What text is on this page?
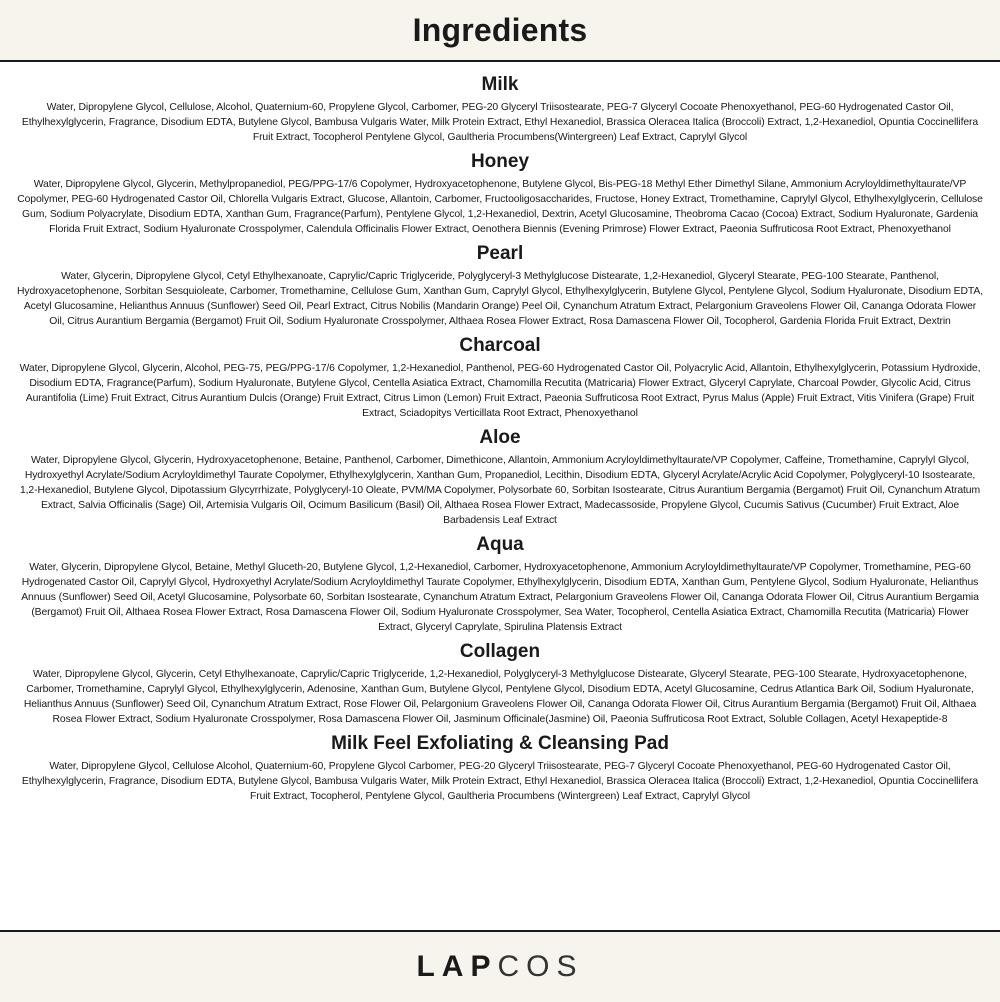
Ingredients
Milk

Water, Dipropylene Glycol, Cellulose, Alcohol, Quaternium-60, Propylene Glycol, Carbomer, PEG-20 Glyceryl Triisostearate, PEG-7 Glyceryl Cocoate Phenoxyethanol, PEG-60 Hydrogenated Castor Oil, Ethylhexylglycerin, Fragrance, Disodium EDTA, Butylene Glycol, Bambusa Vulgaris Water, Milk Protein Extract, Ethyl Hexanediol, Brassica Oleracea Italica (Broccoli) Extract, 1,2-Hexanediol, Opuntia Coccinellifera Fruit Extract, Tocopherol Pentylene Glycol, Gaultheria Procumbens(Wintergreen) Leaf Extract, Caprylyl Glycol

Honey

Water, Dipropylene Glycol, Glycerin, Methylpropanediol, PEG/PPG-17/6 Copolymer, Hydroxyacetophenone, Butylene Glycol, Bis-PEG-18 Methyl Ether Dimethyl Silane, Ammonium Acryloyldimethyltaurate/VP Copolymer, PEG-60 Hydrogenated Castor Oil, Chlorella Vulgaris Extract, Glucose, Allantoin, Carbomer, Fructooligosaccharides, Fructose, Honey Extract, Tromethamine, Caprylyl Glycol, Ethylhexylglycerin, Cellulose Gum, Sodium Polyacrylate, Disodium EDTA, Xanthan Gum, Fragrance(Parfum), Pentylene Glycol, 1,2-Hexanediol, Dextrin, Acetyl Glucosamine, Theobroma Cacao (Cocoa) Extract, Sodium Hyaluronate, Gardenia Florida Fruit Extract, Sodium Hyaluronate Crosspolymer, Calendula Officinalis Flower Extract, Oenothera Biennis (Evening Primrose) Flower Extract, Paeonia Suffruticosa Root Extract, Phenoxyethanol

Pearl

Water, Glycerin, Dipropylene Glycol, Cetyl Ethylhexanoate, Caprylic/Capric Triglyceride, Polyglyceryl-3 Methylglucose Distearate, 1,2-Hexanediol, Glyceryl Stearate, PEG-100 Stearate, Panthenol, Hydroxyacetophenone, Sorbitan Sesquioleate, Carbomer, Tromethamine, Cellulose Gum, Xanthan Gum, Caprylyl Glycol, Ethylhexylglycerin, Butylene Glycol, Pentylene Glycol, Sodium Hyaluronate, Disodium EDTA, Acetyl Glucosamine, Helianthus Annuus (Sunflower) Seed Oil, Pearl Extract, Citrus Nobilis (Mandarin Orange) Peel Oil, Cynanchum Atratum Extract, Pelargonium Graveolens Flower Oil, Cananga Odorata Flower Oil, Citrus Aurantium Bergamia (Bergamot) Fruit Oil, Sodium Hyaluronate Crosspolymer, Althaea Rosea Flower Extract, Rosa Damascena Flower Oil, Tocopherol, Gardenia Florida Fruit Extract, Dextrin

Charcoal

Water, Dipropylene Glycol, Glycerin, Alcohol, PEG-75, PEG/PPG-17/6 Copolymer, 1,2-Hexanediol, Panthenol, PEG-60 Hydrogenated Castor Oil, Polyacrylic Acid, Allantoin, Ethylhexylglycerin, Potassium Hydroxide, Disodium EDTA, Fragrance(Parfum), Sodium Hyaluronate, Butylene Glycol, Centella Asiatica Extract, Chamomilla Recutita (Matricaria) Flower Extract, Glyceryl Caprylate, Charcoal Powder, Glycolic Acid, Citrus Aurantifolia (Lime) Fruit Extract, Citrus Aurantium Dulcis (Orange) Fruit Extract, Citrus Limon (Lemon) Fruit Extract, Paeonia Suffruticosa Root Extract, Pyrus Malus (Apple) Fruit Extract, Vitis Vinifera (Grape) Fruit Extract, Sciadopitys Verticillata Root Extract, Phenoxyethanol

Aloe

Water, Dipropylene Glycol, Glycerin, Hydroxyacetophenone, Betaine, Panthenol, Carbomer, Dimethicone, Allantoin, Ammonium Acryloyldimethyltaurate/VP Copolymer, Caffeine, Tromethamine, Caprylyl Glycol, Hydroxyethyl Acrylate/Sodium Acryloyldimethyl Taurate Copolymer, Ethylhexylglycerin, Xanthan Gum, Propanediol, Lecithin, Disodium EDTA, Glyceryl Acrylate/Acrylic Acid Copolymer, Polyglyceryl-10 Isostearate, 1,2-Hexanediol, Butylene Glycol, Dipotassium Glycyrrhizate, Polyglyceryl-10 Oleate, PVM/MA Copolymer, Polysorbate 60, Sorbitan Isostearate, Citrus Aurantium Bergamia (Bergamot) Fruit Oil, Cynanchum Atratum Extract, Salvia Officinalis (Sage) Oil, Artemisia Vulgaris Oil, Ocimum Basilicum (Basil) Oil, Althaea Rosea Flower Extract, Madecassoside, Propylene Glycol, Cucumis Sativus (Cucumber) Fruit Extract, Aloe Barbadensis Leaf Extract

Aqua

Water, Glycerin, Dipropylene Glycol, Betaine, Methyl Gluceth-20, Butylene Glycol, 1,2-Hexanediol, Carbomer, Hydroxyacetophenone, Ammonium Acryloyldimethyltaurate/VP Copolymer, Tromethamine, PEG-60 Hydrogenated Castor Oil, Caprylyl Glycol, Hydroxyethyl Acrylate/Sodium Acryloyldimethyl Taurate Copolymer, Ethylhexylglycerin, Disodium EDTA, Xanthan Gum, Pentylene Glycol, Sodium Hyaluronate, Helianthus Annuus (Sunflower) Seed Oil, Acetyl Glucosamine, Polysorbate 60, Sorbitan Isostearate, Cynanchum Atratum Extract, Pelargonium Graveolens Flower Oil, Cananga Odorata Flower Oil, Citrus Aurantium Bergamia (Bergamot) Fruit Oil, Althaea Rosea Flower Extract, Rosa Damascena Flower Oil, Sodium Hyaluronate Crosspolymer, Sea Water, Tocopherol, Centella Asiatica Extract, Chamomilla Recutita (Matricaria) Flower Extract, Glyceryl Caprylate, Spirulina Platensis Extract

Collagen

Water, Dipropylene Glycol, Glycerin, Cetyl Ethylhexanoate, Caprylic/Capric Triglyceride, 1,2-Hexanediol, Polyglyceryl-3 Methylglucose Distearate, Glyceryl Stearate, PEG-100 Stearate, Hydroxyacetophenone, Carbomer, Tromethamine, Caprylyl Glycol, Ethylhexylglycerin, Adenosine, Xanthan Gum, Butylene Glycol, Pentylene Glycol, Disodium EDTA, Acetyl Glucosamine, Cedrus Atlantica Bark Oil, Sodium Hyaluronate, Helianthus Annuus (Sunflower) Seed Oil, Cynanchum Atratum Extract, Rose Flower Oil, Pelargonium Graveolens Flower Oil, Cananga Odorata Flower Oil, Citrus Aurantium Bergamia (Bergamot) Fruit Oil, Althaea Rosea Flower Extract, Sodium Hyaluronate Crosspolymer, Rosa Damascena Flower Oil, Jasminum Officinale(Jasmine) Oil, Paeonia Suffruticosa Root Extract, Soluble Collagen, Acetyl Hexapeptide-8

Milk Feel Exfoliating & Cleansing Pad

Water, Dipropylene Glycol, Cellulose Alcohol, Quaternium-60, Propylene Glycol Carbomer, PEG-20 Glyceryl Triisostearate, PEG-7 Glyceryl Cocoate Phenoxyethanol, PEG-60 Hydrogenated Castor Oil, Ethylhexylglycerin, Fragrance, Disodium EDTA, Butylene Glycol, Bambusa Vulgaris Water, Milk Protein Extract, Ethyl Hexanediol, Brassica Oleracea Italica (Broccoli) Extract, 1,2-Hexanediol, Opuntia Coccinellifera Fruit Extract, Tocopherol, Pentylene Glycol, Gaultheria Procumbens (Wintergreen) Leaf Extract, Caprylyl Glycol

LAPCOS
